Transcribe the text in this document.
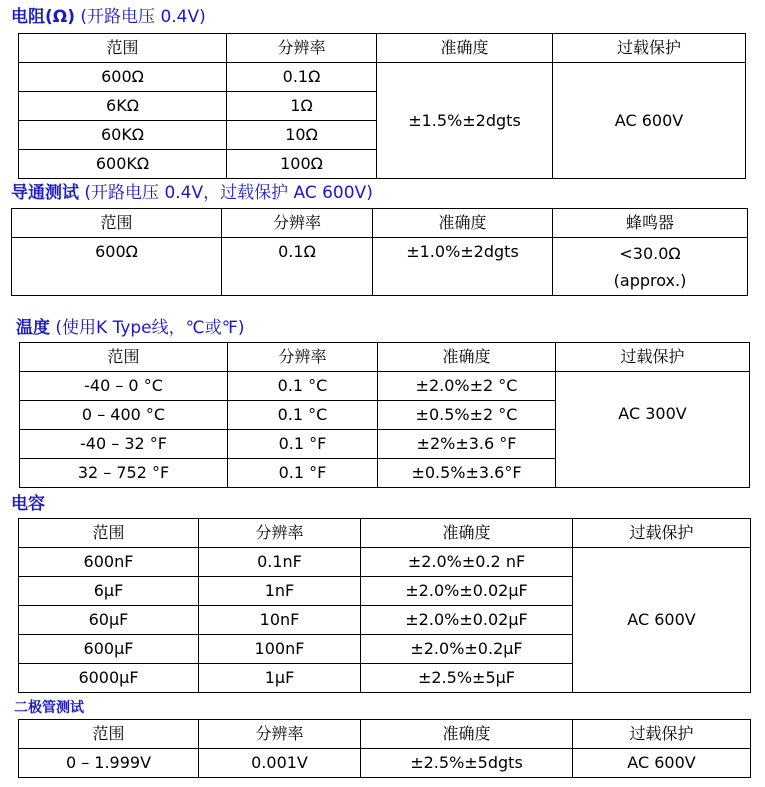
电阻(Ω) (开路电压 0.4V)
范围	分辨率	准确度	过载保护
600Ω	0.1Ω	±1.5%±2dgts	AC 600V
6KΩ	1Ω		
60KΩ	10Ω		
600KΩ	100Ω		
导通测试 (开路电压 0.4V，过载保护 AC 600V)
范围	分辨率	准确度	蜂鸣器
600Ω	0.1Ω	±1.0%±2dgts	<30.0Ω
(approx.)
温度 (使用K Type线，℃或℉)
范围	分辨率	准确度	过载保护
-40 – 0 °C	0.1 °C	±2.0%±2 °C	AC 300V
0 – 400 °C	0.1 °C	±0.5%±2 °C	
-40 – 32 °F	0.1 °F	±2%±3.6 °F	
32 – 752 °F	0.1 °F	±0.5%±3.6°F	
电容
范围	分辨率	准确度	过载保护
600nF	0.1nF	±2.0%±0.2 nF	AC 600V
6µF	1nF	±2.0%±0.02µF	
60µF	10nF	±2.0%±0.02µF	
600µF	100nF	±2.0%±0.2µF	
6000µF	1µF	±2.5%±5µF	
二极管测试
范围	分辨率	准确度	过载保护
0 – 1.999V	0.001V	±2.5%±5dgts	AC 600V
